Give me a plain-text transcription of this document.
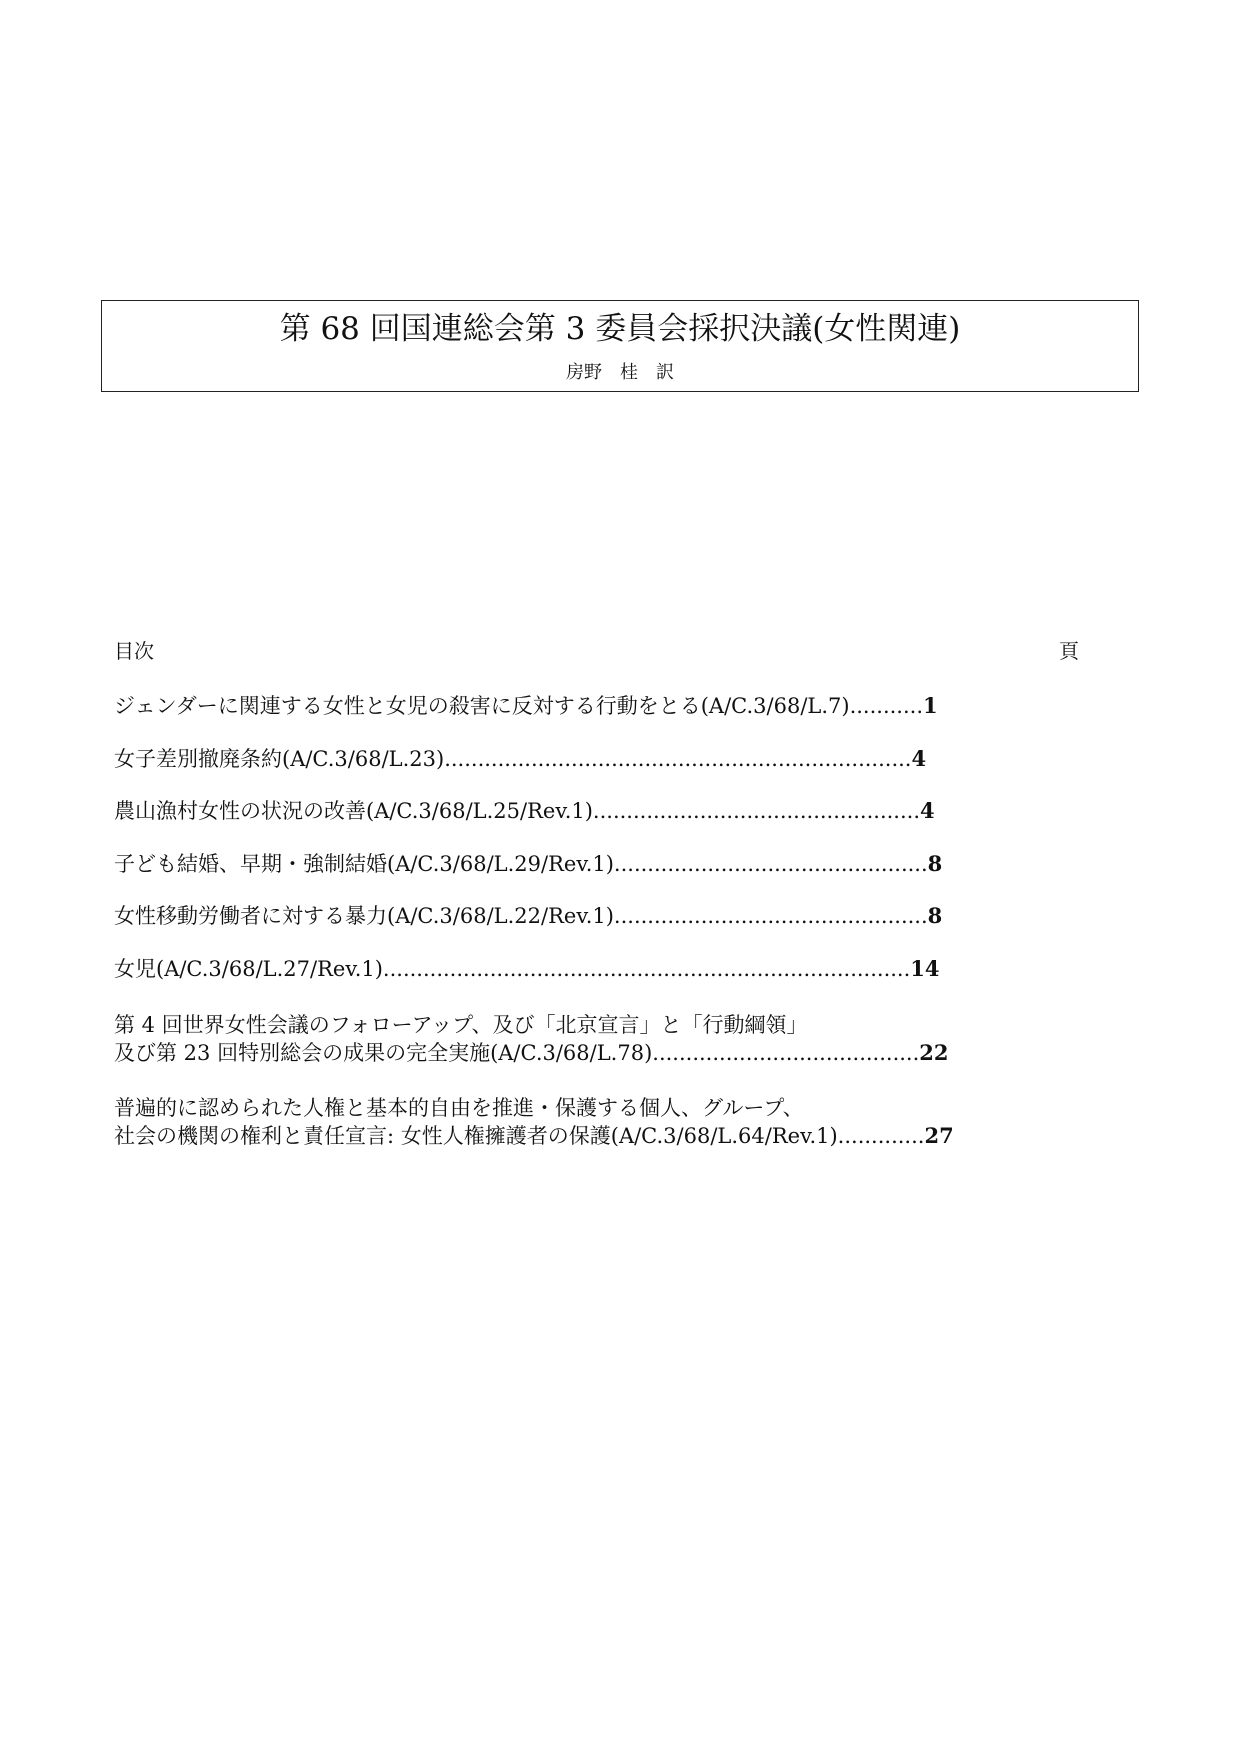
第 68 回国連総会第 3 委員会採択決議(女性関連)
房野　桂　訳
目次	頁
ジェンダーに関連する女性と女児の殺害に反対する行動をとる(A/C.3/68/L.7)...........1
女子差別撤廃条約(A/C.3/68/L.23)......................................................................4
農山漁村女性の状況の改善(A/C.3/68/L.25/Rev.1).................................................4
子ども結婚、早期・強制結婚(A/C.3/68/L.29/Rev.1)...............................................8
女性移動労働者に対する暴力(A/C.3/68/L.22/Rev.1)...............................................8
女児(A/C.3/68/L.27/Rev.1)...............................................................................14
第 4 回世界女性会議のフォローアップ、及び「北京宣言」と「行動綱領」
及び第 23 回特別総会の成果の完全実施(A/C.3/68/L.78)........................................22
普遍的に認められた人権と基本的自由を推進・保護する個人、グループ、
社会の機関の権利と責任宣言: 女性人権擁護者の保護(A/C.3/68/L.64/Rev.1).............27
